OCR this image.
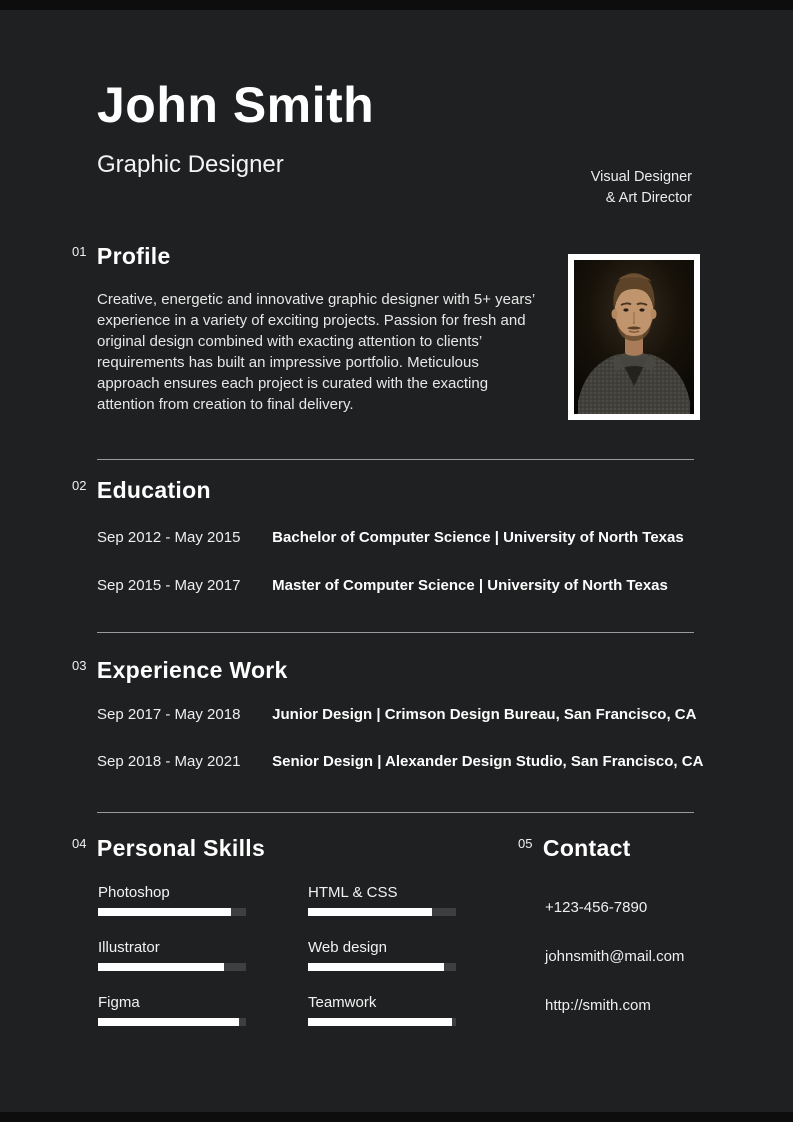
John Smith
Graphic Designer	Visual Designer
& Art Director
01 Profile

Creative, energetic and innovative graphic designer with 5+ years’ experience in a variety of exciting projects. Passion for fresh and original design combined with exacting attention to clients’ requirements has built an impressive portfolio. Meticulous approach ensures each project is curated with the exacting attention from creation to final delivery.

02 Education
Sep 2012 - May 2015 Bachelor of Computer Science | University of North Texas
Sep 2015 - May 2017 Master of Computer Science | University of North Texas
03 Experience Work
Sep 2017 - May 2018 Junior Design | Crimson Design Bureau, San Francisco, CA
Sep 2018 - May 2021 Senior Design | Alexander Design Studio, San Francisco, CA
04 Personal Skills
Photoshop	HTML & CSS
Illustrator	Web design
Figma	Teamwork
05 Contact
+123-456-7890
johnsmith@mail.com
http://smith.com
